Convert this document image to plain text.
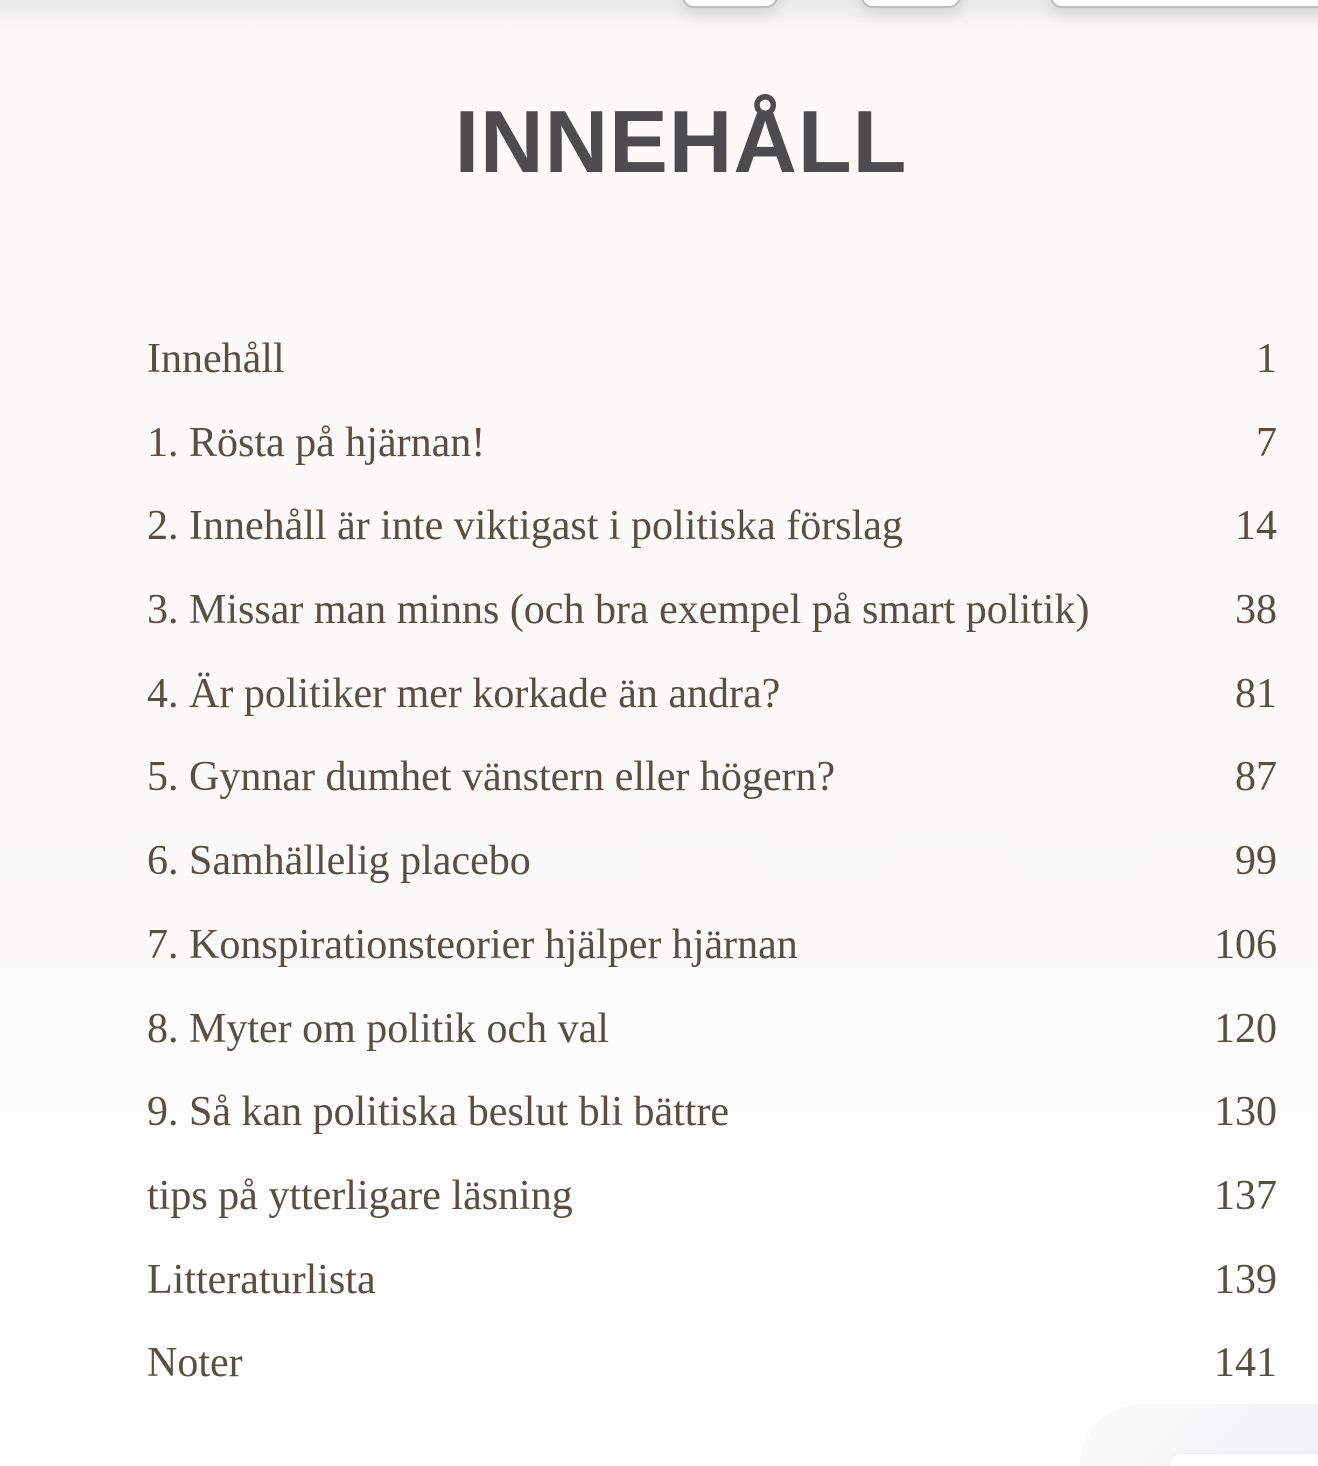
INNEHÅLL
Innehåll	1
1. Rösta på hjärnan!	7
2. Innehåll är inte viktigast i politiska förslag	14
3. Missar man minns (och bra exempel på smart politik)	38
4. Är politiker mer korkade än andra?	81
5. Gynnar dumhet vänstern eller högern?	87
6. Samhällelig placebo	99
7. Konspirationsteorier hjälper hjärnan	106
8. Myter om politik och val	120
9. Så kan politiska beslut bli bättre	130
tips på ytterligare läsning	137
Litteraturlista	139
Noter	141
